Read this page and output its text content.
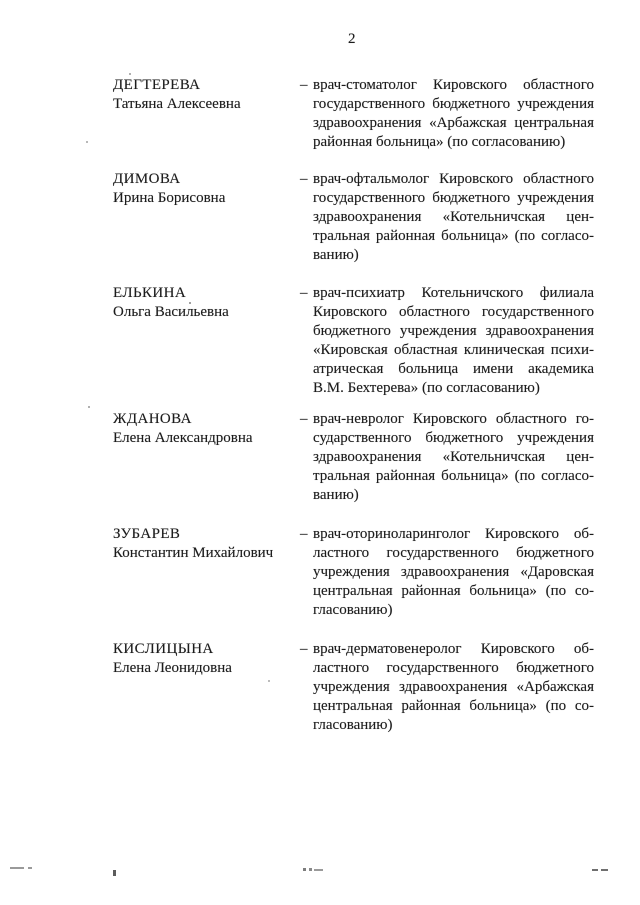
2
ДЕГТЕРЕВА
Татьяна Алексеевна
– врач-стоматолог Кировского областного
государственного бюджетного учреждения
здравоохранения «Арбажская центральная
районная больница» (по согласованию)
ДИМОВА
Ирина Борисовна
– врач-офтальмолог Кировского областного
государственного бюджетного учреждения
здравоохранения «Котельничская цен-
тральная районная больница» (по согласо-
ванию)
ЕЛЬКИНА
Ольга Васильевна
– врач-психиатр Котельничского филиала
Кировского областного государственного
бюджетного учреждения здравоохранения
«Кировская областная клиническая психи-
атрическая больница имени академика
В.М. Бехтерева» (по согласованию)
ЖДАНОВА
Елена Александровна
– врач-невролог Кировского областного го-
сударственного бюджетного учреждения
здравоохранения «Котельничская цен-
тральная районная больница» (по согласо-
ванию)
ЗУБАРЕВ
Константин Михайлович
– врач-оториноларинголог Кировского об-
ластного государственного бюджетного
учреждения здравоохранения «Даровская
центральная районная больница» (по со-
гласованию)
КИСЛИЦЫНА
Елена Леонидовна
– врач-дерматовенеролог Кировского об-
ластного государственного бюджетного
учреждения здравоохранения «Арбажская
центральная районная больница» (по со-
гласованию)
